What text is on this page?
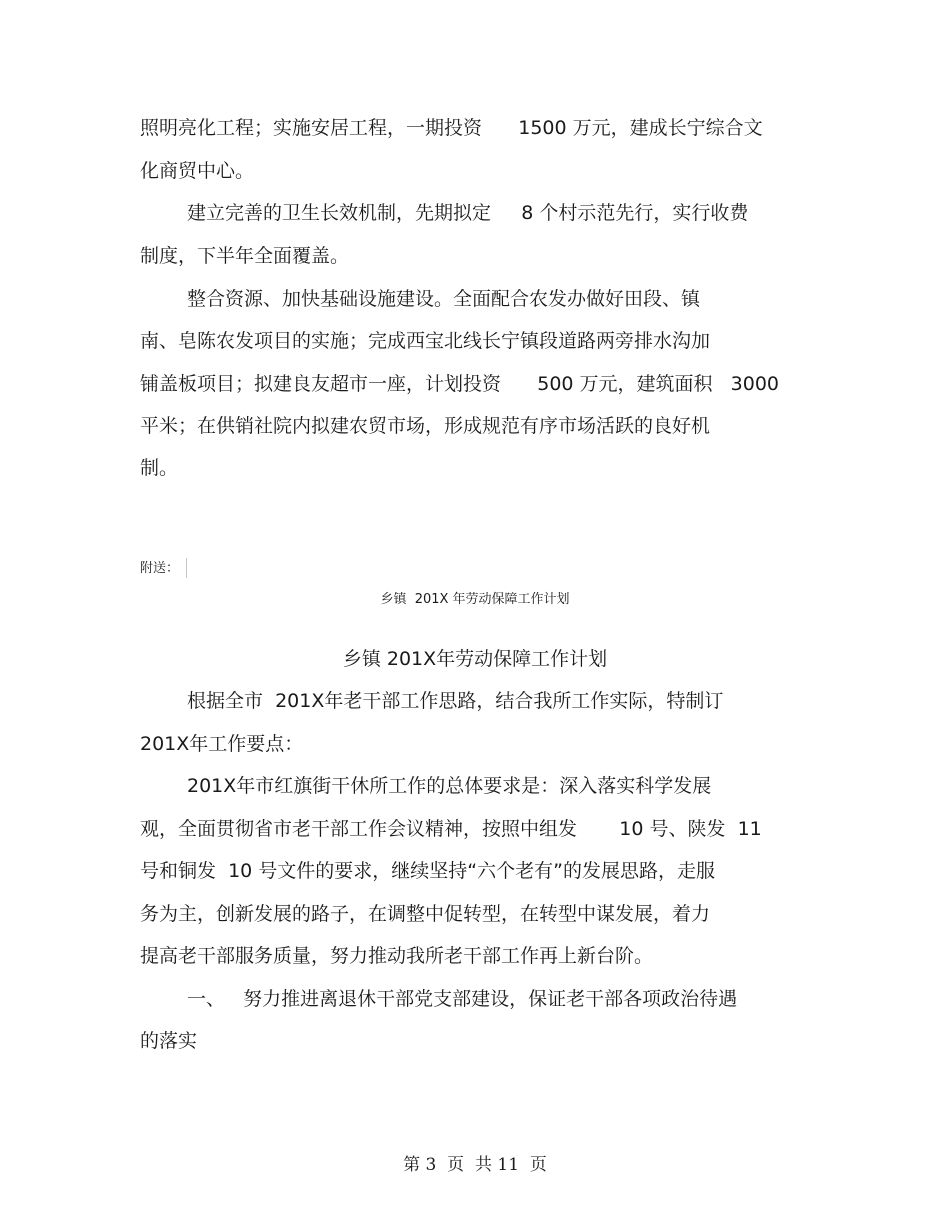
照明亮化工程；实施安居工程，一期投资      1500 万元，建成长宁综合文

化商贸中心。

建立完善的卫生长效机制，先期拟定     8 个村示范先行，实行收费

制度，下半年全面覆盖。

整合资源、加快基础设施建设。全面配合农发办做好田段、镇

南、皂陈农发项目的实施；完成西宝北线长宁镇段道路两旁排水沟加

铺盖板项目；拟建良友超市一座，计划投资      500 万元，建筑面积   3000

平米；在供销社院内拟建农贸市场，形成规范有序市场活跃的良好机

制。

附送：
乡镇  201X 年劳动保障工作计划
乡镇 201X年劳动保障工作计划

根据全市  201X年老干部工作思路，结合我所工作实际，特制订

201X年工作要点：

201X年市红旗街干休所工作的总体要求是：深入落实科学发展

观，全面贯彻省市老干部工作会议精神，按照中组发       10 号、陕发  11

号和铜发  10 号文件的要求，继续坚持“六个老有”的发展思路，走服

务为主，创新发展的路子，在调整中促转型，在转型中谋发展，着力

提高老干部服务质量，努力推动我所老干部工作再上新台阶。

一、   努力推进离退休干部党支部建设，保证老干部各项政治待遇

的落实

第 3  页  共 11  页
